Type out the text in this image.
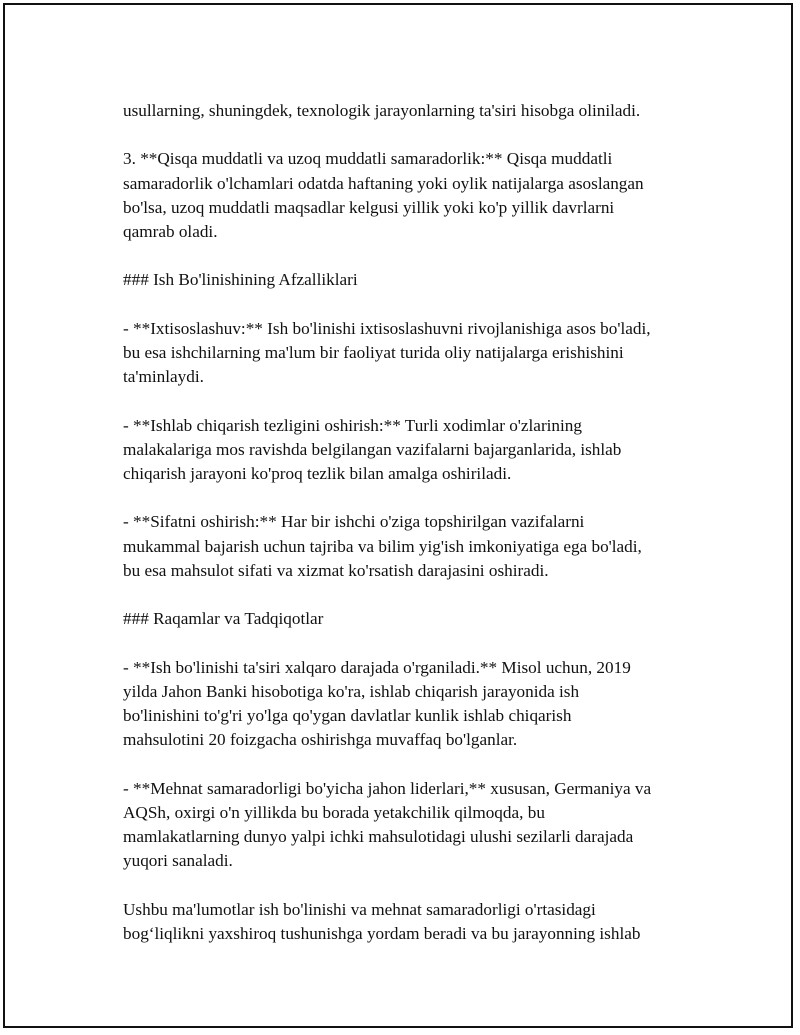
usullarning, shuningdek, texnologik jarayonlarning ta'siri hisobga oliniladi.

3. **Qisqa muddatli va uzoq muddatli samaradorlik:** Qisqa muddatli
samaradorlik o'lchamlari odatda haftaning yoki oylik natijalarga asoslangan
bo'lsa, uzoq muddatli maqsadlar kelgusi yillik yoki ko'p yillik davrlarni
qamrab oladi.

### Ish Bo'linishining Afzalliklari

- **Ixtisoslashuv:** Ish bo'linishi ixtisoslashuvni rivojlanishiga asos bo'ladi,
bu esa ishchilarning ma'lum bir faoliyat turida oliy natijalarga erishishini
ta'minlaydi.

- **Ishlab chiqarish tezligini oshirish:** Turli xodimlar o'zlarining
malakalariga mos ravishda belgilangan vazifalarni bajarganlarida, ishlab
chiqarish jarayoni ko'proq tezlik bilan amalga oshiriladi.

- **Sifatni oshirish:** Har bir ishchi o'ziga topshirilgan vazifalarni
mukammal bajarish uchun tajriba va bilim yig'ish imkoniyatiga ega bo'ladi,
bu esa mahsulot sifati va xizmat ko'rsatish darajasini oshiradi.

### Raqamlar va Tadqiqotlar

- **Ish bo'linishi ta'siri xalqaro darajada o'rganiladi.** Misol uchun, 2019
yilda Jahon Banki hisobotiga ko'ra, ishlab chiqarish jarayonida ish
bo'linishini to'g'ri yo'lga qo'ygan davlatlar kunlik ishlab chiqarish
mahsulotini 20 foizgacha oshirishga muvaffaq bo'lganlar.

- **Mehnat samaradorligi bo'yicha jahon liderlari,** xususan, Germaniya va
AQSh, oxirgi o'n yillikda bu borada yetakchilik qilmoqda, bu
mamlakatlarning dunyo yalpi ichki mahsulotidagi ulushi sezilarli darajada
yuqori sanaladi.

Ushbu ma'lumotlar ish bo'linishi va mehnat samaradorligi o'rtasidagi
bog‘liqlikni yaxshiroq tushunishga yordam beradi va bu jarayonning ishlab
